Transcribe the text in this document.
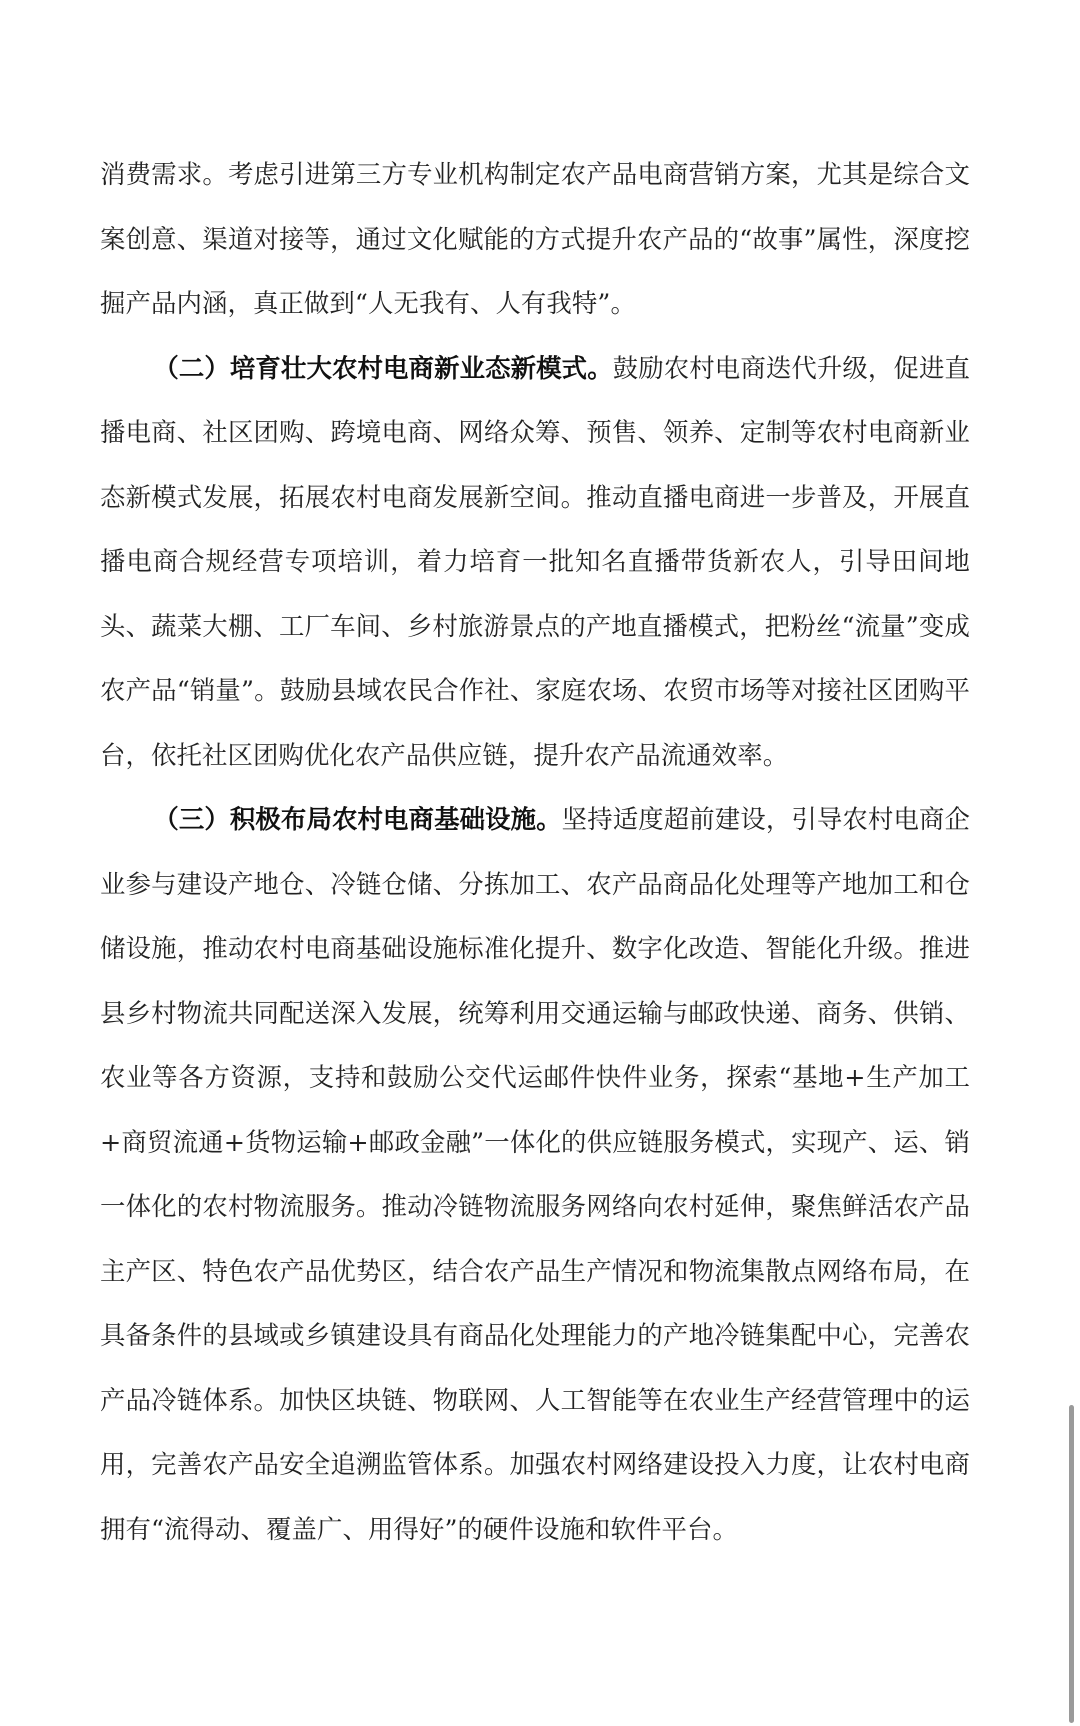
消费需求。考虑引进第三方专业机构制定农产品电商营销方案，尤其是综合文案创意、渠道对接等，通过文化赋能的方式提升农产品的“故事”属性，深度挖掘产品内涵，真正做到“人无我有、人有我特”。

（二）培育壮大农村电商新业态新模式。鼓励农村电商迭代升级，促进直播电商、社区团购、跨境电商、网络众筹、预售、领养、定制等农村电商新业态新模式发展，拓展农村电商发展新空间。推动直播电商进一步普及，开展直播电商合规经营专项培训，着力培育一批知名直播带货新农人，引导田间地头、蔬菜大棚、工厂车间、乡村旅游景点的产地直播模式，把粉丝“流量”变成农产品“销量”。鼓励县域农民合作社、家庭农场、农贸市场等对接社区团购平台，依托社区团购优化农产品供应链，提升农产品流通效率。

（三）积极布局农村电商基础设施。坚持适度超前建设，引导农村电商企业参与建设产地仓、冷链仓储、分拣加工、农产品商品化处理等产地加工和仓储设施，推动农村电商基础设施标准化提升、数字化改造、智能化升级。推进县乡村物流共同配送深入发展，统筹利用交通运输与邮政快递、商务、供销、农业等各方资源，支持和鼓励公交代运邮件快件业务，探索“基地+生产加工+商贸流通+货物运输+邮政金融”一体化的供应链服务模式，实现产、运、销一体化的农村物流服务。推动冷链物流服务网络向农村延伸，聚焦鲜活农产品主产区、特色农产品优势区，结合农产品生产情况和物流集散点网络布局，在具备条件的县域或乡镇建设具有商品化处理能力的产地冷链集配中心，完善农产品冷链体系。加快区块链、物联网、人工智能等在农业生产经营管理中的运用，完善农产品安全追溯监管体系。加强农村网络建设投入力度，让农村电商拥有“流得动、覆盖广、用得好”的硬件设施和软件平台。
